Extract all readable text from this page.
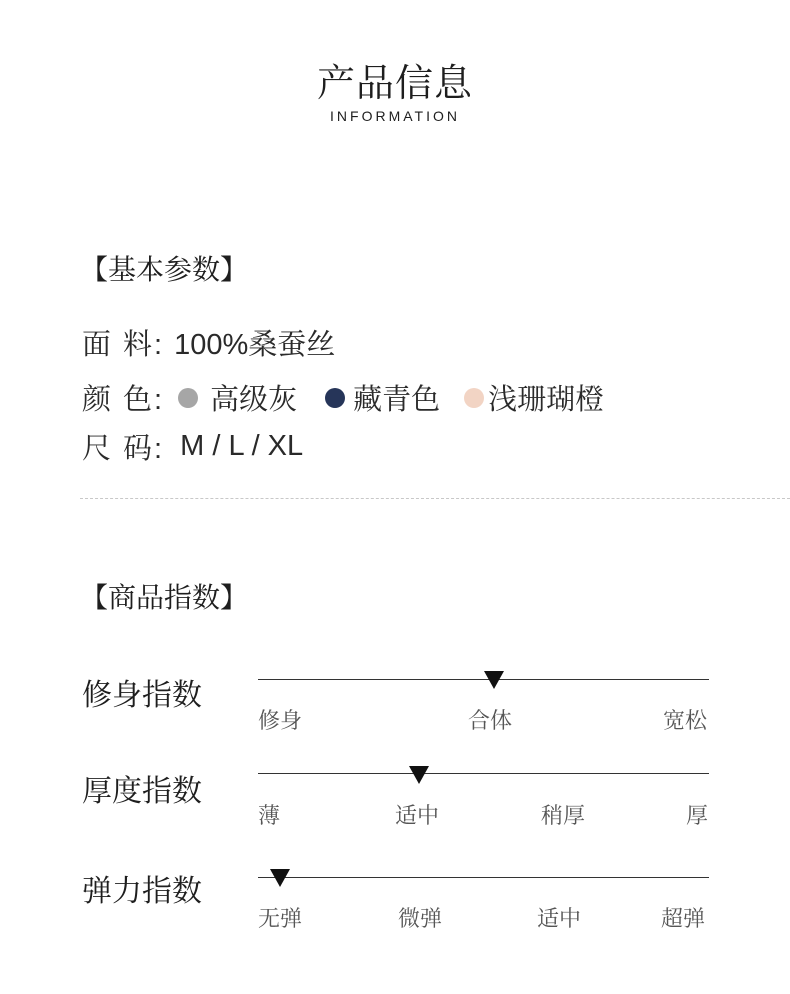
产品信息
INFORMATION
【基本参数】
面 料: 100%桑蚕丝
颜 色: 高级灰 藏青色 浅珊瑚橙
尺 码: M / L / XL
【商品指数】
修身指数
修身	合体	宽松
厚度指数
薄	适中	稍厚	厚
弹力指数
无弹	微弹	适中	超弹
